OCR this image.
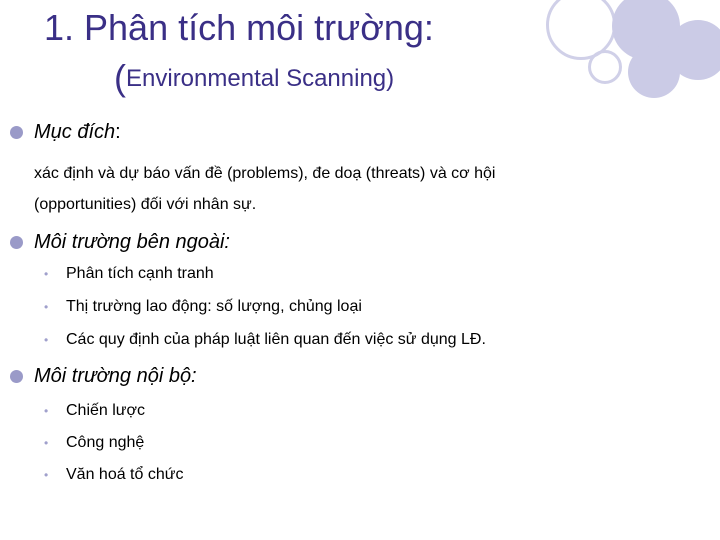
1. Phân tích môi trường:
(Environmental Scanning)
Mục đích:
xác định và dự báo vấn đề (problems), đe doạ (threats) và cơ hội
(opportunities) đối với nhân sự.
Môi trường bên ngoài:
• Phân tích cạnh tranh
• Thị trường lao động: số lượng, chủng loại
• Các quy định của pháp luật liên quan đến việc sử dụng LĐ.
Môi trường nội bộ:
• Chiến lược
• Công nghệ
• Văn hoá tổ chức
